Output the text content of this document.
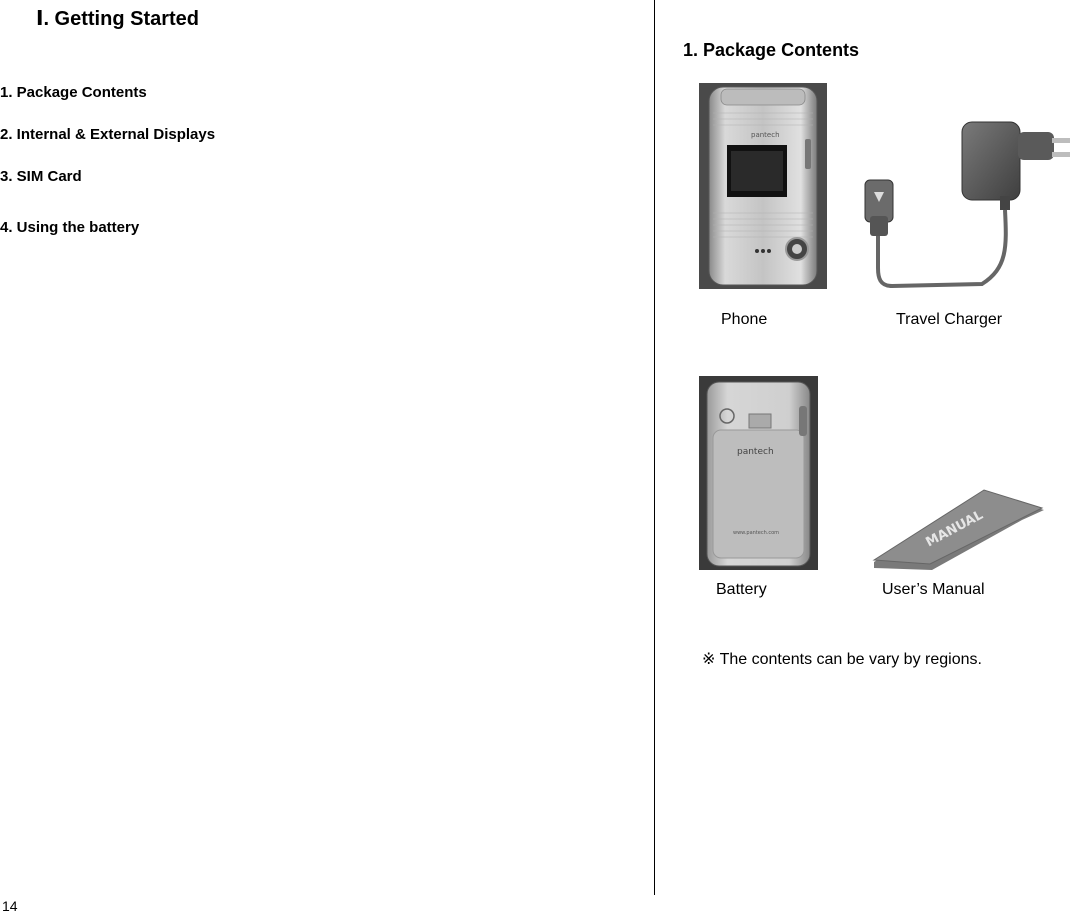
Ⅰ. Getting Started
1. Package Contents
2. Internal & External Displays
3. SIM Card
4. Using the battery
14
1. Package Contents
pantech
Phone	Travel Charger
pantech
www.pantech.com	MANUAL
Battery	User’s Manual
※ The contents can be vary by regions.
